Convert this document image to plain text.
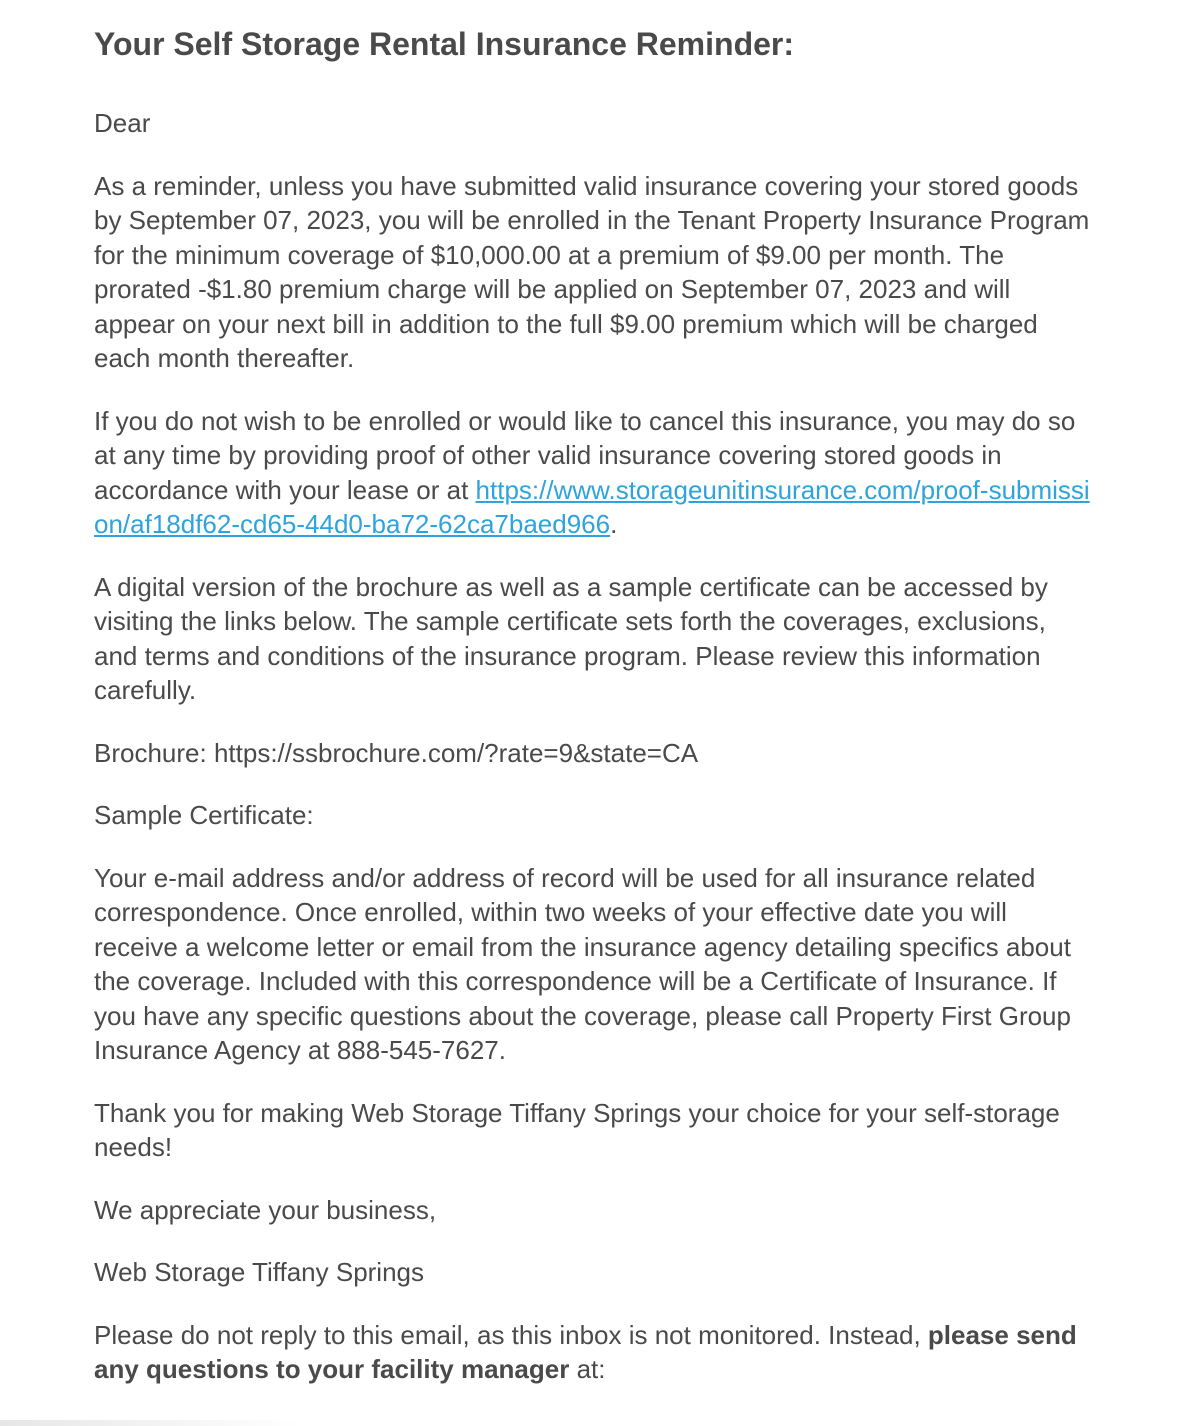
Your Self Storage Rental Insurance Reminder:

Dear

As a reminder, unless you have submitted valid insurance covering your stored goods by September 07, 2023, you will be enrolled in the Tenant Property Insurance Program for the minimum coverage of $10,000.00 at a premium of $9.00 per month. The prorated -$1.80 premium charge will be applied on September 07, 2023 and will appear on your next bill in addition to the full $9.00 premium which will be charged each month thereafter.

If you do not wish to be enrolled or would like to cancel this insurance, you may do so at any time by providing proof of other valid insurance covering stored goods in accordance with your lease or at https://www.storageunitinsurance.com/proof-submission/af18df62-cd65-44d0-ba72-62ca7baed966.

A digital version of the brochure as well as a sample certificate can be accessed by visiting the links below. The sample certificate sets forth the coverages, exclusions, and terms and conditions of the insurance program. Please review this information carefully.

Brochure: https://ssbrochure.com/?rate=9&state=CA

Sample Certificate:

Your e-mail address and/or address of record will be used for all insurance related correspondence. Once enrolled, within two weeks of your effective date you will receive a welcome letter or email from the insurance agency detailing specifics about the coverage. Included with this correspondence will be a Certificate of Insurance. If you have any specific questions about the coverage, please call Property First Group Insurance Agency at 888-545-7627.

Thank you for making Web Storage Tiffany Springs your choice for your self-storage needs!

We appreciate your business,

Web Storage Tiffany Springs

Please do not reply to this email, as this inbox is not monitored. Instead, please send any questions to your facility manager at:
